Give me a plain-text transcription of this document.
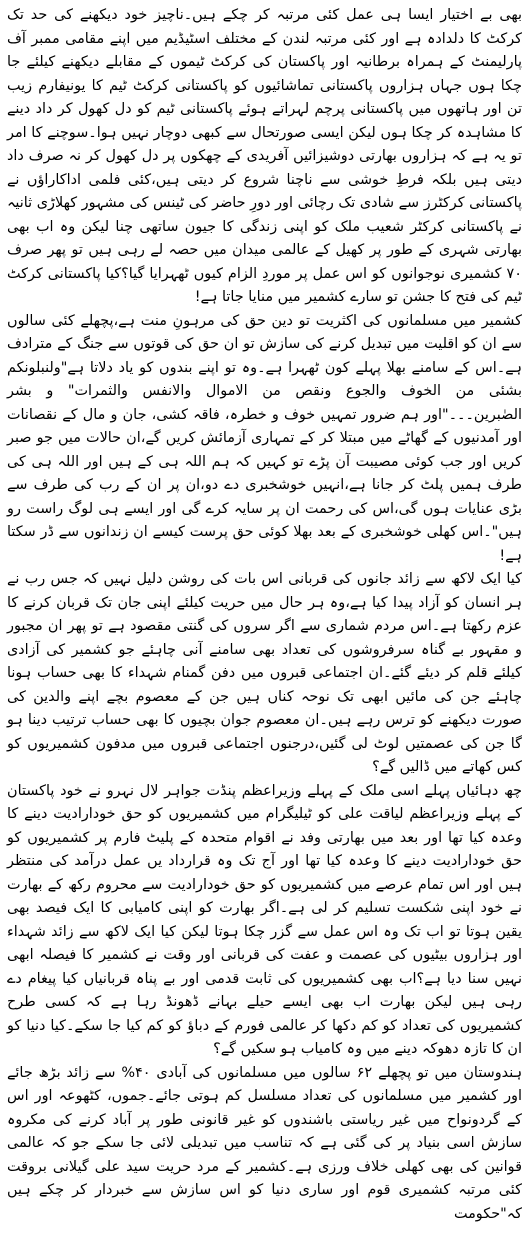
بھی بے اختیار ایسا ہی عمل کئی مرتبہ کر چکے ہیں۔ناچیز خود دیکھنے کی حد تک کرکٹ کا دلدادہ ہے اور کئی مرتبہ لندن کے مختلف اسٹیڈیم میں اپنے مقامی ممبر آف پارلیمنٹ کے ہمراہ برطانیہ اور پاکستان کی کرکٹ ٹیموں کے مقابلے دیکھنے کیلئے جا چکا ہوں جہاں ہزاروں پاکستانی تماشائیوں کو پاکستانی کرکٹ ٹیم کا یونیفارم زیب تن اور ہاتھوں میں پاکستانی پرچم لہراتے ہوئے پاکستانی ٹیم کو دل کھول کر داد دینے کا مشاہدہ کر چکا ہوں لیکن ایسی صورتحال سے کبھی دوچار نہیں ہوا۔سوچنے کا امر تو یہ ہے کہ ہزاروں بھارتی دوشیزائیں آفریدی کے چھکوں پر دل کھول کر نہ صرف داد دیتی ہیں بلکہ فرطِ خوشی سے ناچنا شروع کر دیتی ہیں،کئی فلمی اداکاراؤں نے پاکستانی کرکٹرز سے شادی تک رچائی اور دورِ حاضر کی ٹینس کی مشہور کھلاڑی ثانیہ نے پاکستانی کرکٹر شعیب ملک کو اپنی زندگی کا جیون ساتھی چنا لیکن وہ اب بھی بھارتی شہری کے طور پر کھیل کے عالمی میدان میں حصہ لے رہی ہیں تو پھر صرف ۷۰ کشمیری نوجوانوں کو اس عمل پر موردِ الزام کیوں ٹھہرایا گیا؟کیا پاکستانی کرکٹ ٹیم کی فتح کا جشن تو سارے کشمیر میں منایا جاتا ہے!

کشمیر میں مسلمانوں کی اکثریت تو دین حق کی مرہونِ منت ہے،پچھلے کئی سالوں سے ان کو اقلیت میں تبدیل کرنے کی سازش تو ان حق کی قوتوں سے جنگ کے مترادف ہے۔اس کے سامنے بھلا پہلے کون ٹھہرا ہے۔وہ تو اپنے بندوں کو یاد دلاتا ہے"ولنبلونکم بشئی من الخوف والجوع ونقص من الاموال والانفس والثمرات" و بشر الصٰبرین۔۔۔"اور ہم ضرور تمہیں خوف و خطرہ، فاقہ کشی، جان و مال کے نقصانات اور آمدنیوں کے گھاٹے میں مبتلا کر کے تمہاری آزمائش کریں گے،ان حالات میں جو صبر کریں اور جب کوئی مصیبت آن پڑے تو کہیں کہ ہم اللہ ہی کے ہیں اور اللہ ہی کی طرف ہمیں پلٹ کر جانا ہے،انہیں خوشخبری دے دو،ان پر ان کے رب کی طرف سے بڑی عنایات ہوں گی،اس کی رحمت ان پر سایہ کرے گی اور ایسے ہی لوگ راست رو ہیں"۔اس کھلی خوشخبری کے بعد بھلا کوئی حق پرست کیسے ان زندانوں سے ڈر سکتا ہے!

کیا ایک لاکھ سے زائد جانوں کی قربانی اس بات کی روشن دلیل نہیں کہ جس رب نے ہر انسان کو آزاد پیدا کیا ہے،وہ ہر حال میں حریت کیلئے اپنی جان تک قربان کرنے کا عزم رکھتا ہے۔اس مردم شماری سے اگر سروں کی گنتی مقصود ہے تو پھر ان مجبور و مقہور بے گناہ سرفروشوں کی تعداد بھی سامنے آنی چاہئے جو کشمیر کی آزادی کیلئے قلم کر دیئے گئے۔ان اجتماعی قبروں میں دفن گمنام شہداء کا بھی حساب ہونا چاہئے جن کی مائیں ابھی تک نوحہ کناں ہیں جن کے معصوم بچے اپنے والدین کی صورت دیکھنے کو ترس رہے ہیں۔ان معصوم جوان بچیوں کا بھی حساب ترتیب دینا ہو گا جن کی عصمتیں لوٹ لی گئیں،درجنوں اجتماعی قبروں میں مدفون کشمیریوں کو کس کھاتے میں ڈالیں گے؟

چھ دہائیاں پہلے اسی ملک کے پہلے وزیراعظم پنڈت جواہر لال نہرو نے خود پاکستان کے پہلے وزیراعظم لیاقت علی کو ٹیلیگرام میں کشمیریوں کو حق خودارادیت دینے کا وعدہ کیا تھا اور بعد میں بھارتی وفد نے اقوام متحدہ کے پلیٹ فارم پر کشمیریوں کو حق خودارادیت دینے کا وعدہ کیا تھا اور آج تک وہ قرارداد یں عمل درآمد کی منتظر ہیں اور اس تمام عرصے میں کشمیریوں کو حق خودارادیت سے محروم رکھ کے بھارت نے خود اپنی شکست تسلیم کر لی ہے۔اگر بھارت کو اپنی کامیابی کا ایک فیصد بھی یقین ہوتا تو اب تک وہ اس عمل سے گزر چکا ہوتا لیکن کیا ایک لاکھ سے زائد شہداء اور ہزاروں بیٹیوں کی عصمت و عفت کی قربانی اور وقت نے کشمیر کا فیصلہ ابھی نہیں سنا دیا ہے؟اب بھی کشمیریوں کی ثابت قدمی اور بے پناہ قربانیاں کیا پیغام دے رہی ہیں لیکن بھارت اب بھی ایسے حیلے بہانے ڈھونڈ رہا ہے کہ کسی طرح کشمیریوں کی تعداد کو کم دکھا کر عالمی فورم کے دباؤ کو کم کیا جا سکے۔کیا دنیا کو ان کا تازہ دھوکہ دینے میں وہ کامیاب ہو سکیں گے؟

ہندوستان میں تو پچھلے ۶۲ سالوں میں مسلمانوں کی آبادی ۴۰% سے زائد بڑھ جائے اور کشمیر میں مسلمانوں کی تعداد مسلسل کم ہوتی جائے۔جموں، کٹھوعہ اور اس کے گردونواح میں غیر ریاستی باشندوں کو غیر قانونی طور پر آباد کرنے کی مکروہ سازش اسی بنیاد پر کی گئی ہے کہ تناسب میں تبدیلی لائی جا سکے جو کہ عالمی قوانین کی بھی کھلی خلاف ورزی ہے۔کشمیر کے مرد حریت سید علی گیلانی بروقت کئی مرتبہ کشمیری قوم اور ساری دنیا کو اس سازش سے خبردار کر چکے ہیں کہ"حکومت
